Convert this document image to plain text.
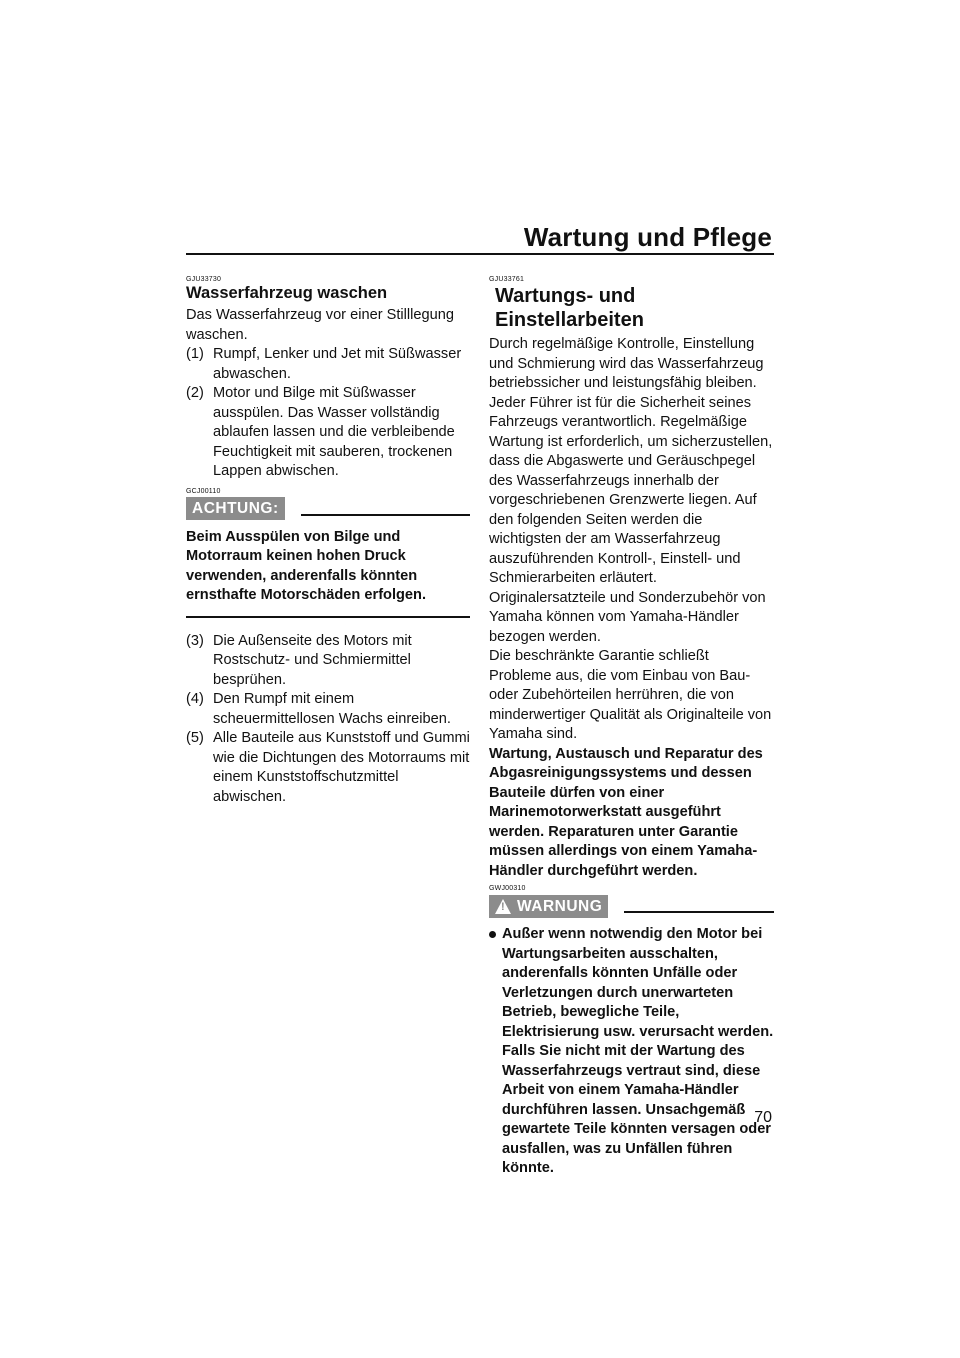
Wartung und Pflege
GJU33730
Wasserfahrzeug waschen

Das Wasserfahrzeug vor einer Stilllegung waschen.

(1) Rumpf, Lenker und Jet mit Süßwasser abwaschen.
(2) Motor und Bilge mit Süßwasser ausspülen. Das Wasser vollständig ablaufen lassen und die verbleibende Feuchtigkeit mit sauberen, trockenen Lappen abwischen.
GCJ00110
ACHTUNG:

Beim Ausspülen von Bilge und Motorraum keinen hohen Druck verwenden, anderenfalls könnten ernsthafte Motorschäden erfolgen.

(3) Die Außenseite des Motors mit Rostschutz- und Schmiermittel besprühen.
(4) Den Rumpf mit einem scheuermittellosen Wachs einreiben.
(5) Alle Bauteile aus Kunststoff und Gummi wie die Dichtungen des Motorraums mit einem Kunststoffschutzmittel abwischen.
GJU33761
Wartungs- und Einstellarbeiten

Durch regelmäßige Kontrolle, Einstellung und Schmierung wird das Wasserfahrzeug betriebssicher und leistungsfähig bleiben. Jeder Führer ist für die Sicherheit seines Fahrzeugs verantwortlich. Regelmäßige Wartung ist erforderlich, um sicherzustellen, dass die Abgaswerte und Geräuschpegel des Wasserfahrzeugs innerhalb der vorgeschriebenen Grenzwerte liegen. Auf den folgenden Seiten werden die wichtigsten der am Wasserfahrzeug auszuführenden Kontroll-, Einstell- und Schmierarbeiten erläutert.

Originalersatzteile und Sonderzubehör von Yamaha können vom Yamaha-Händler bezogen werden.

Die beschränkte Garantie schließt Probleme aus, die vom Einbau von Bau- oder Zubehörteilen herrühren, die von minderwertiger Qualität als Originalteile von Yamaha sind.

Wartung, Austausch und Reparatur des Abgasreinigungssystems und dessen Bauteile dürfen von einer Marinemotorwerkstatt ausgeführt werden. Reparaturen unter Garantie müssen allerdings von einem Yamaha-Händler durchgeführt werden.

GWJ00310
! WARNUNG
Außer wenn notwendig den Motor bei Wartungsarbeiten ausschalten, anderenfalls könnten Unfälle oder Verletzungen durch unerwarteten Betrieb, bewegliche Teile, Elektrisierung usw. verursacht werden. Falls Sie nicht mit der Wartung des Wasserfahrzeugs vertraut sind, diese Arbeit von einem Yamaha-Händler durchführen lassen. Unsachgemäß gewartete Teile könnten versagen oder ausfallen, was zu Unfällen führen könnte.
70
